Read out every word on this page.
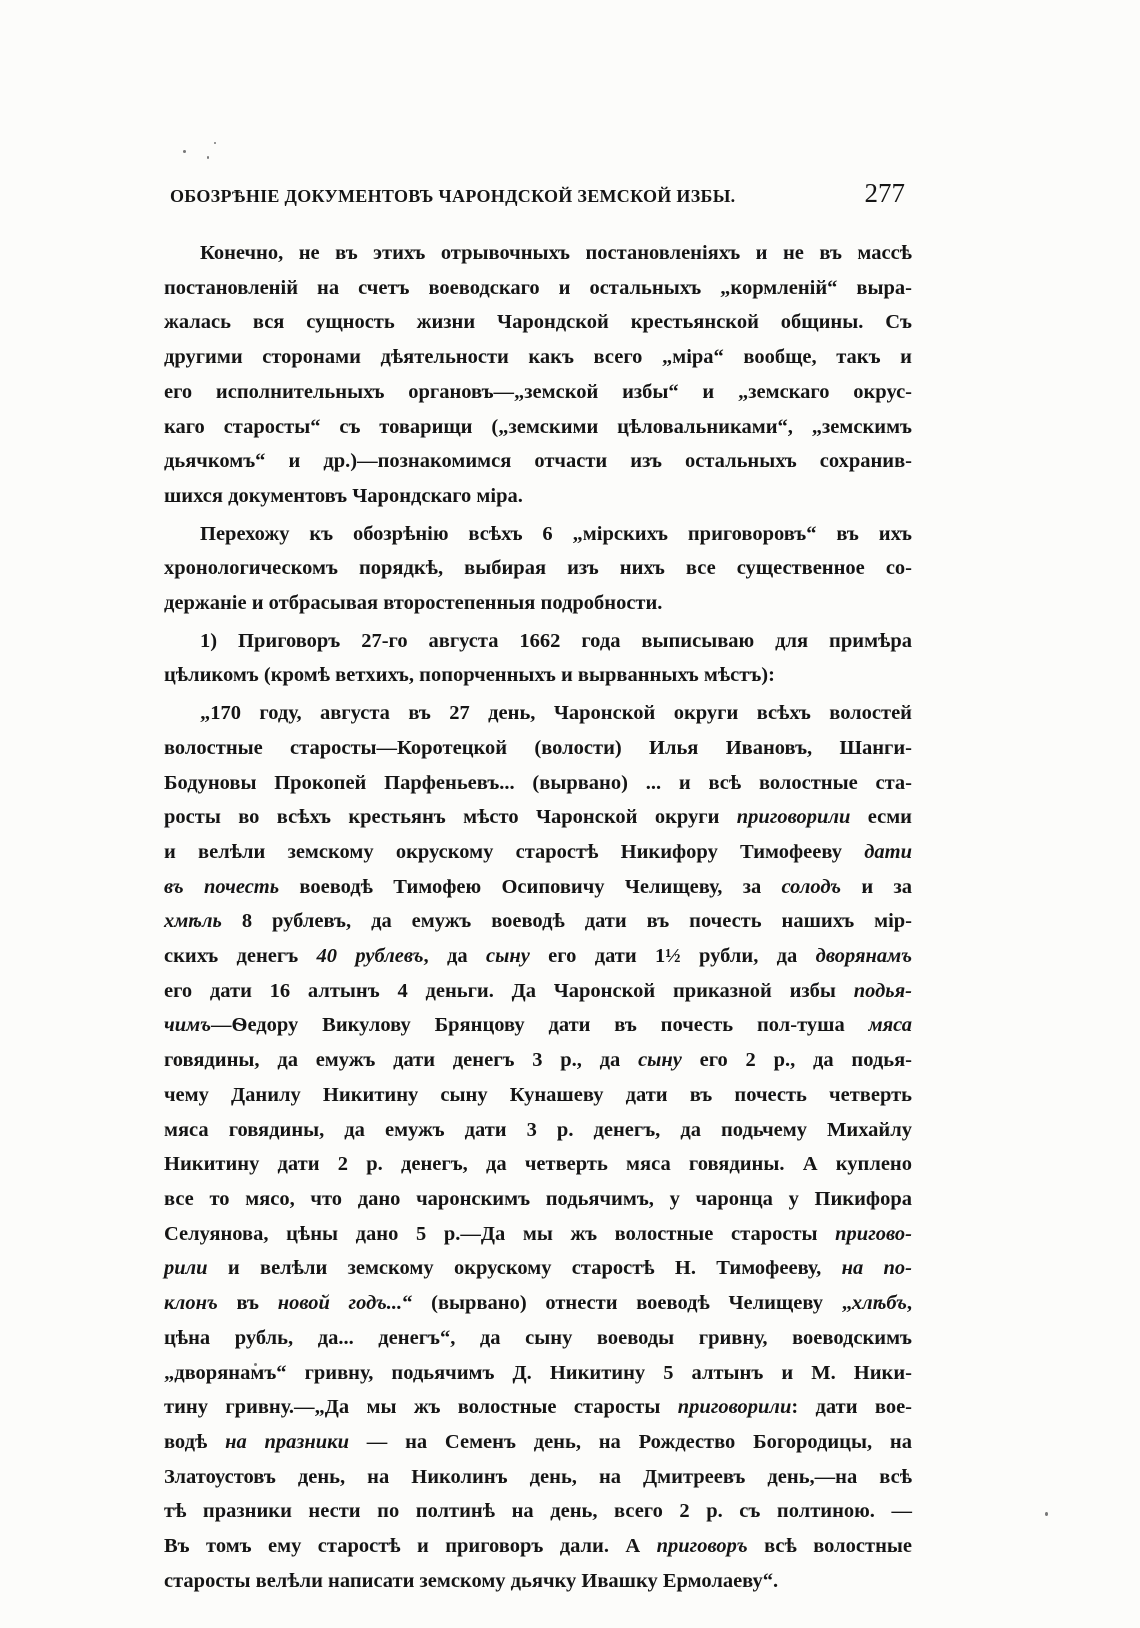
ОБОЗРѢНІЕ ДОКУМЕНТОВЪ ЧАРОНДСКОЙ ЗЕМСКОЙ ИЗБЫ.	277
Конечно, не въ этихъ отрывочныхъ постановленіяхъ и не въ массѣ
постановленій на счетъ воеводскаго и остальныхъ „кормленій“ выра-
жалась вся сущность жизни Чарондской крестьянской общины. Съ
другими сторонами дѣятельности какъ всего „міра“ вообще, такъ и
его исполнительныхъ органовъ—„земской избы“ и „земскаго окрус-
каго старосты“ съ товарищи („земскими цѣловальниками“, „земскимъ
дьячкомъ“ и др.)—познакомимся отчасти изъ остальныхъ сохранив-
шихся документовъ Чарондскаго міра.
Перехожу къ обозрѣнію всѣхъ 6 „мірскихъ приговоровъ“ въ ихъ
хронологическомъ порядкѣ, выбирая изъ нихъ все существенное со-
держаніе и отбрасывая второстепенныя подробности.
1) Приговоръ 27-го августа 1662 года выписываю для примѣра
цѣликомъ (кромѣ ветхихъ, попорченныхъ и вырванныхъ мѣстъ):
„170 году, августа въ 27 день, Чаронской округи всѣхъ волостей
волостные старосты—Коротецкой (волости) Илья Ивановъ, Шанги-
Бодуновы Прокопей Парфеньевъ... (вырвано) ... и всѣ волостные ста-
росты во всѣхъ крестьянъ мѣсто Чаронской округи приговорили есми
и велѣли земскому окрускому старостѣ Никифору Тимофееву дати
въ почесть воеводѣ Тимофею Осиповичу Челищеву, за солодъ и за
хмѣль 8 рублевъ, да емужъ воеводѣ дати въ почесть нашихъ мір-
скихъ денегъ 40 рублевъ, да сыну его дати 1½ рубли, да дворянамъ
его дати 16 алтынъ 4 деньги. Да Чаронской приказной избы подья-
чимъ—Ѳедору Викулову Брянцову дати въ почесть пол-туша мяса
говядины, да емужъ дати денегъ 3 р., да сыну его 2 р., да подья-
чему Данилу Никитину сыну Кунашеву дати въ почесть четверть
мяса говядины, да емужъ дати 3 р. денегъ, да подьчему Михайлу
Никитину дати 2 р. денегъ, да четверть мяса говядины. А куплено
все то мясо, что дано чаронскимъ подьячимъ, у чаронца у Пикифора
Селуянова, цѣны дано 5 р.—Да мы жъ волостные старосты пригово-
рили и велѣли земскому окрускому старостѣ Н. Тимофееву, на по-
клонъ въ новой годъ...“ (вырвано) отнести воеводѣ Челищеву „хлѣбъ,
цѣна рубль, да... денегъ“, да сыну воеводы гривну, воеводскимъ
„дворянамъ“ гривну, подьячимъ Д. Никитину 5 алтынъ и М. Ники-
тину гривну.—„Да мы жъ волостные старосты приговорили: дати вое-
водѣ на празники — на Семенъ день, на Рождество Богородицы, на
Златоустовъ день, на Николинъ день, на Дмитреевъ день,—на всѣ
тѣ празники нести по полтинѣ на день, всего 2 р. съ полтиною. —
Въ томъ ему старостѣ и приговоръ дали. А приговоръ всѣ волостные
старосты велѣли написати земскому дьячку Ивашку Ермолаеву“.
